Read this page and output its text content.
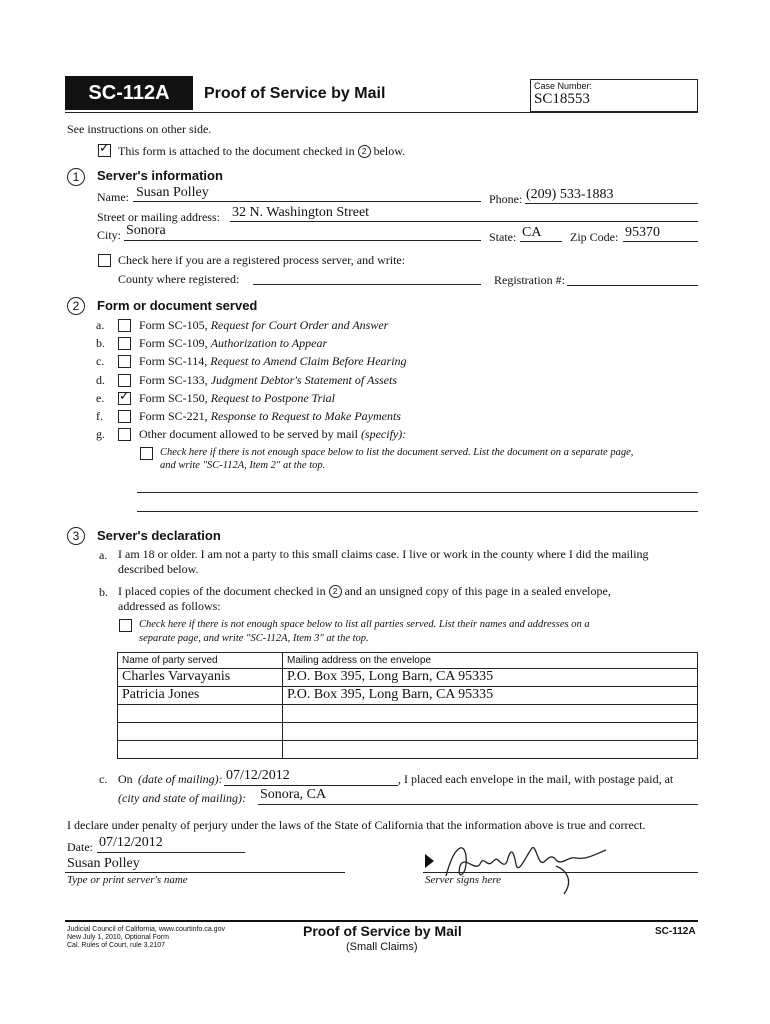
SC-112A	Proof of Service by Mail	Case Number:
SC18553
See instructions on other side.
✓
This form is attached to the document checked in 2 below.
1	Server's information
Name: Susan Polley	Phone: (209) 533-1883
Street or mailing address: 32 N. Washington Street
City: Sonora	State: CA Zip Code: 95370
Check here if you are a registered process server, and write:
County where registered:	Registration #:
2	Form or document served
a.	Form SC-105, Request for Court Order and Answer
b.	Form SC-109, Authorization to Appear
c.	Form SC-114, Request to Amend Claim Before Hearing
d.	Form SC-133, Judgment Debtor's Statement of Assets
e. ✓	Form SC-150, Request to Postpone Trial
f.	Form SC-221, Response to Request to Make Payments
g.	Other document allowed to be served by mail (specify):
Check here if there is not enough space below to list the document served. List the document on a separate page,
and write "SC-112A, Item 2" at the top.
3	Server's declaration
a. I am 18 or older. I am not a party to this small claims case. I live or work in the county where I did the mailing
described below.
b. I placed copies of the document checked in 2 and an unsigned copy of this page in a sealed envelope,
addressed as follows:
Check here if there is not enough space below to list all parties served. List their names and addresses on a
separate page, and write "SC-112A, Item 3" at the top.
Name of party served	Mailing address on the envelope
Charles Varvayanis	P.O. Box 395, Long Barn, CA 95335
Patricia Jones	P.O. Box 395, Long Barn, CA 95335

c. On (date of mailing): 07/12/2012	, I placed each envelope in the mail, with postage paid, at
(city and state of mailing): Sonora, CA
I declare under penalty of perjury under the laws of the State of California that the information above is true and correct.
Date: 07/12/2012
Susan Polley
Type or print server's name	Server signs here
Judicial Council of California, www.courtinfo.ca.gov
New July 1, 2010, Optional Form
Cal. Rules of Court, rule 3.2107
Proof of Service by Mail
(Small Claims)
SC-112A
